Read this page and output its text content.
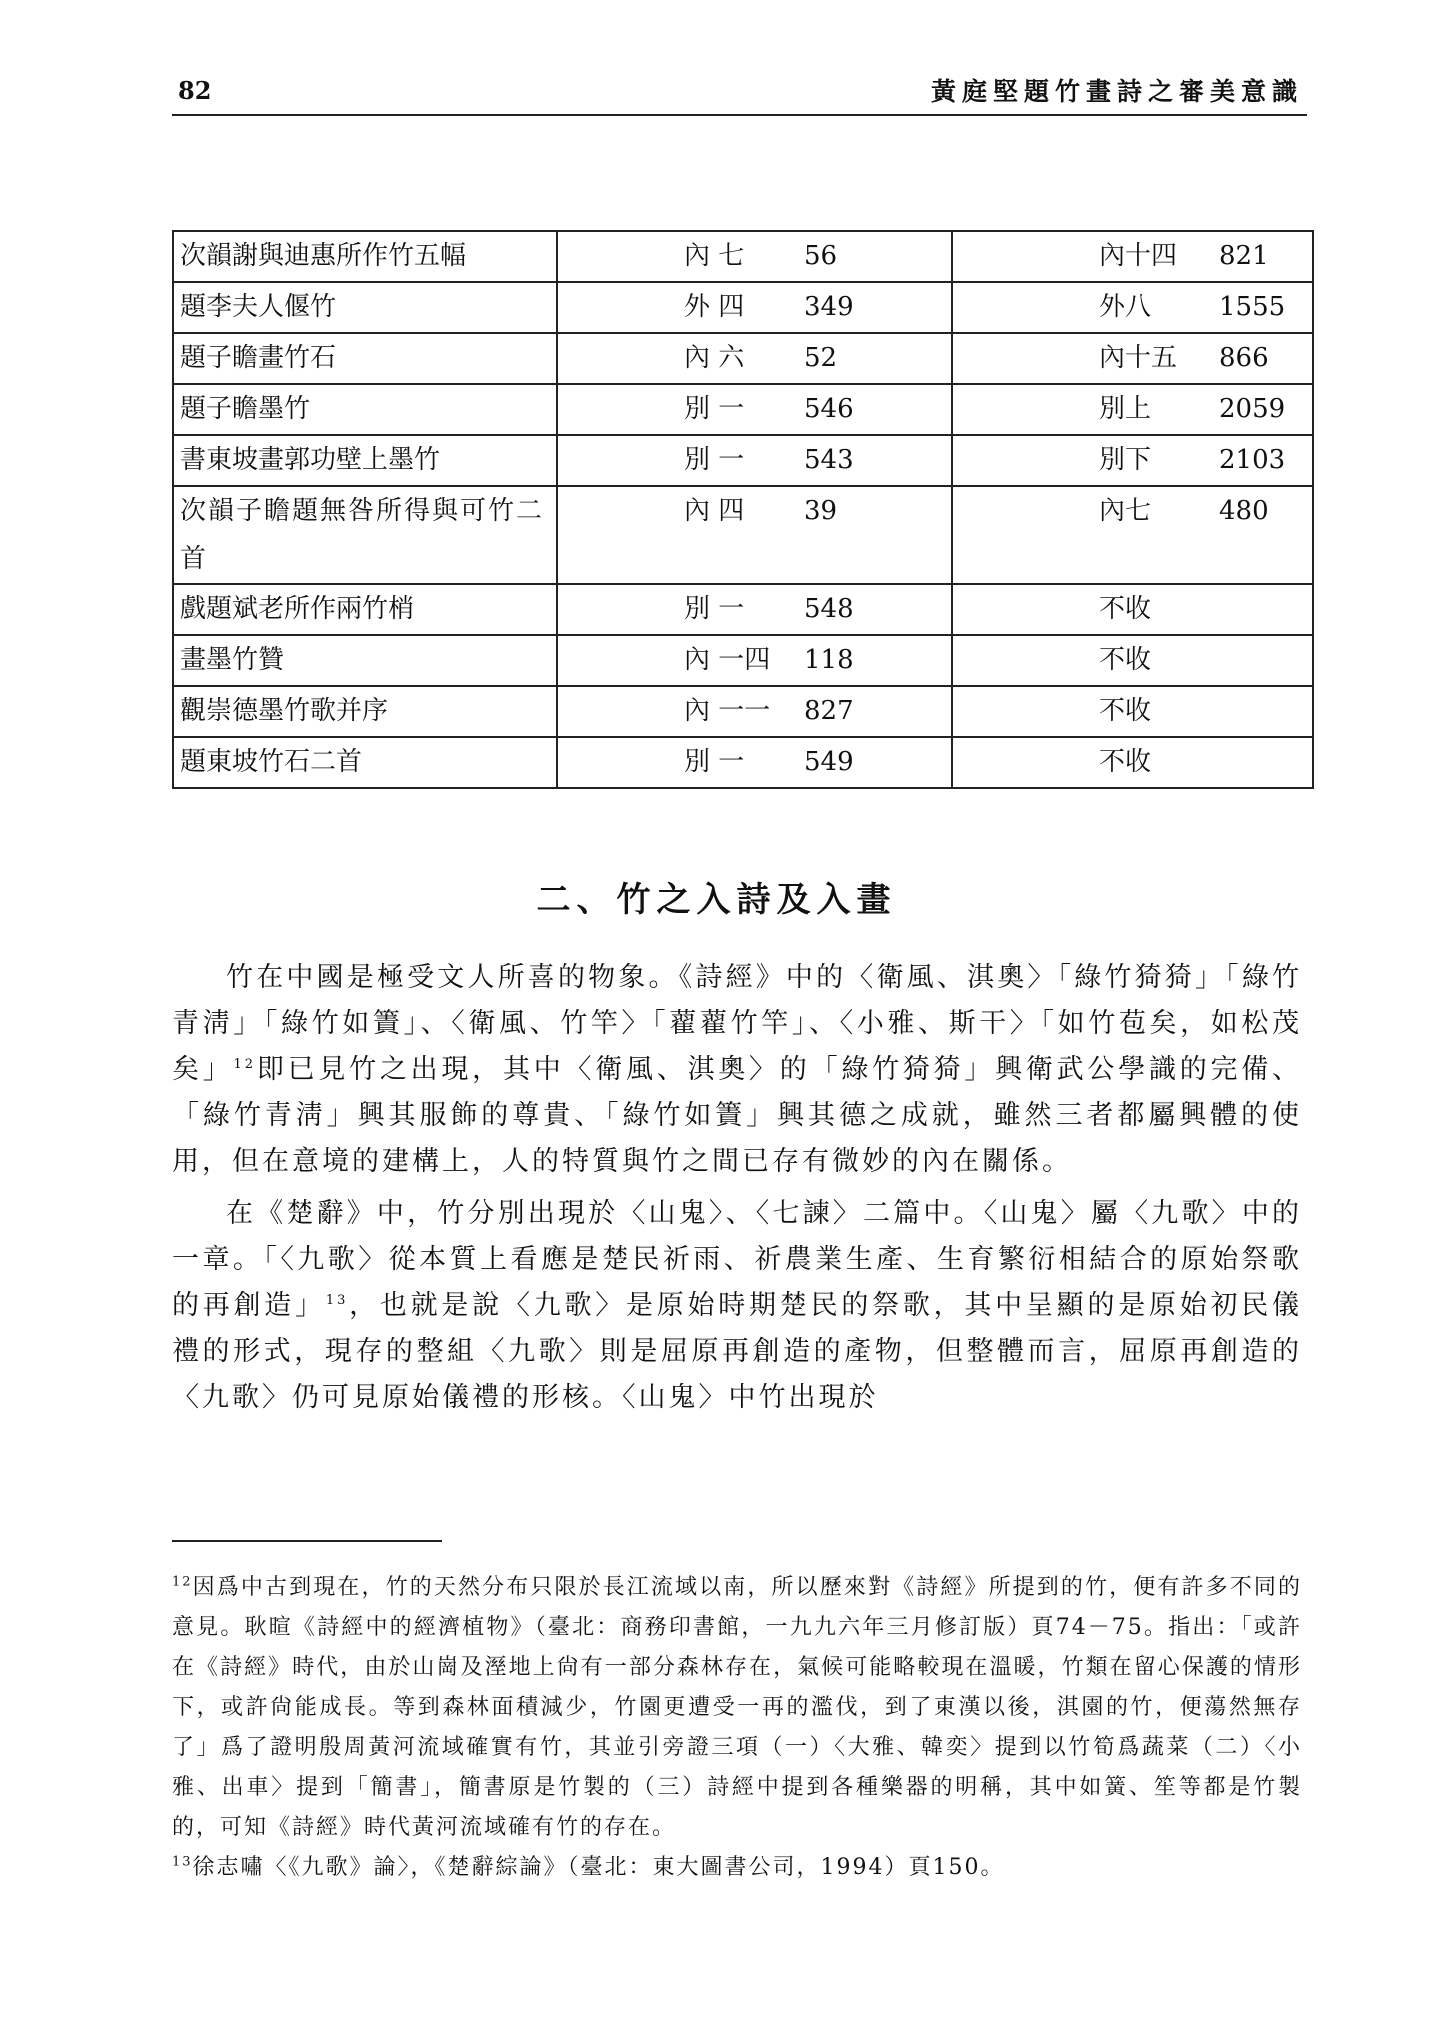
82	黃庭堅題竹畫詩之審美意識
次韻謝與迪惠所作竹五幅	內 七 56	內十四 821

題李夫人偃竹	外 四 349	外八 1555

題子瞻畫竹石	內 六 52	內十五 866

題子瞻墨竹	別 一 546	別上 2059

書東坡畫郭功壁上墨竹	別 一 543	別下 2103

次韻子瞻題無咎所得與可竹二首	內 四 39	內七 480

戲題斌老所作兩竹梢	別 一 548	不收

畫墨竹贊	內 一四 118	不收

觀崇德墨竹歌并序	內 一一 827	不收

題東坡竹石二首	別 一 549	不收
二、竹之入詩及入畫

竹在中國是極受文人所喜的物象。《詩經》中的〈衛風、淇奧〉「綠竹猗猗」「綠竹青淸」「綠竹如簀」、〈衛風、竹竿〉「藋藋竹竿」、〈小雅、斯干〉「如竹苞矣，如松茂矣」$^{12}$即已見竹之出現，其中〈衛風、淇奧〉的「綠竹猗猗」興衛武公學識的完備、「綠竹青淸」興其服飾的尊貴、「綠竹如簀」興其德之成就，雖然三者都屬興體的使用，但在意境的建構上，人的特質與竹之間已存有微妙的內在關係。

在《楚辭》中，竹分別出現於〈山鬼〉、〈七諫〉二篇中。〈山鬼〉屬〈九歌〉中的一章。「〈九歌〉從本質上看應是楚民祈雨、祈農業生產、生育繁衍相結合的原始祭歌的再創造」$^{13}$，也就是說〈九歌〉是原始時期楚民的祭歌，其中呈顯的是原始初民儀禮的形式，現存的整組〈九歌〉則是屈原再創造的產物，但整體而言，屈原再創造的〈九歌〉仍可見原始儀禮的形核。〈山鬼〉中竹出現於

$^{12}$因爲中古到現在，竹的天然分布只限於長江流域以南，所以歷來對《詩經》所提到的竹，便有許多不同的意見。耿暄《詩經中的經濟植物》（臺北：商務印書館，一九九六年三月修訂版）頁74－75。指出：「或許在《詩經》時代，由於山崗及溼地上尙有一部分森林存在，氣候可能略較現在溫暖，竹類在留心保護的情形下，或許尙能成長。等到森林面積減少，竹園更遭受一再的濫伐，到了東漢以後，淇園的竹，便蕩然無存了」爲了證明殷周黃河流域確實有竹，其並引旁證三項（一）〈大雅、韓奕〉提到以竹筍爲蔬菜（二）〈小雅、出車〉提到「簡書」，簡書原是竹製的（三）詩經中提到各種樂器的明稱，其中如簧、笙等都是竹製的，可知《詩經》時代黃河流域確有竹的存在。

$^{13}$徐志嘯〈《九歌》論〉，《楚辭綜論》（臺北：東大圖書公司，1994）頁150。
